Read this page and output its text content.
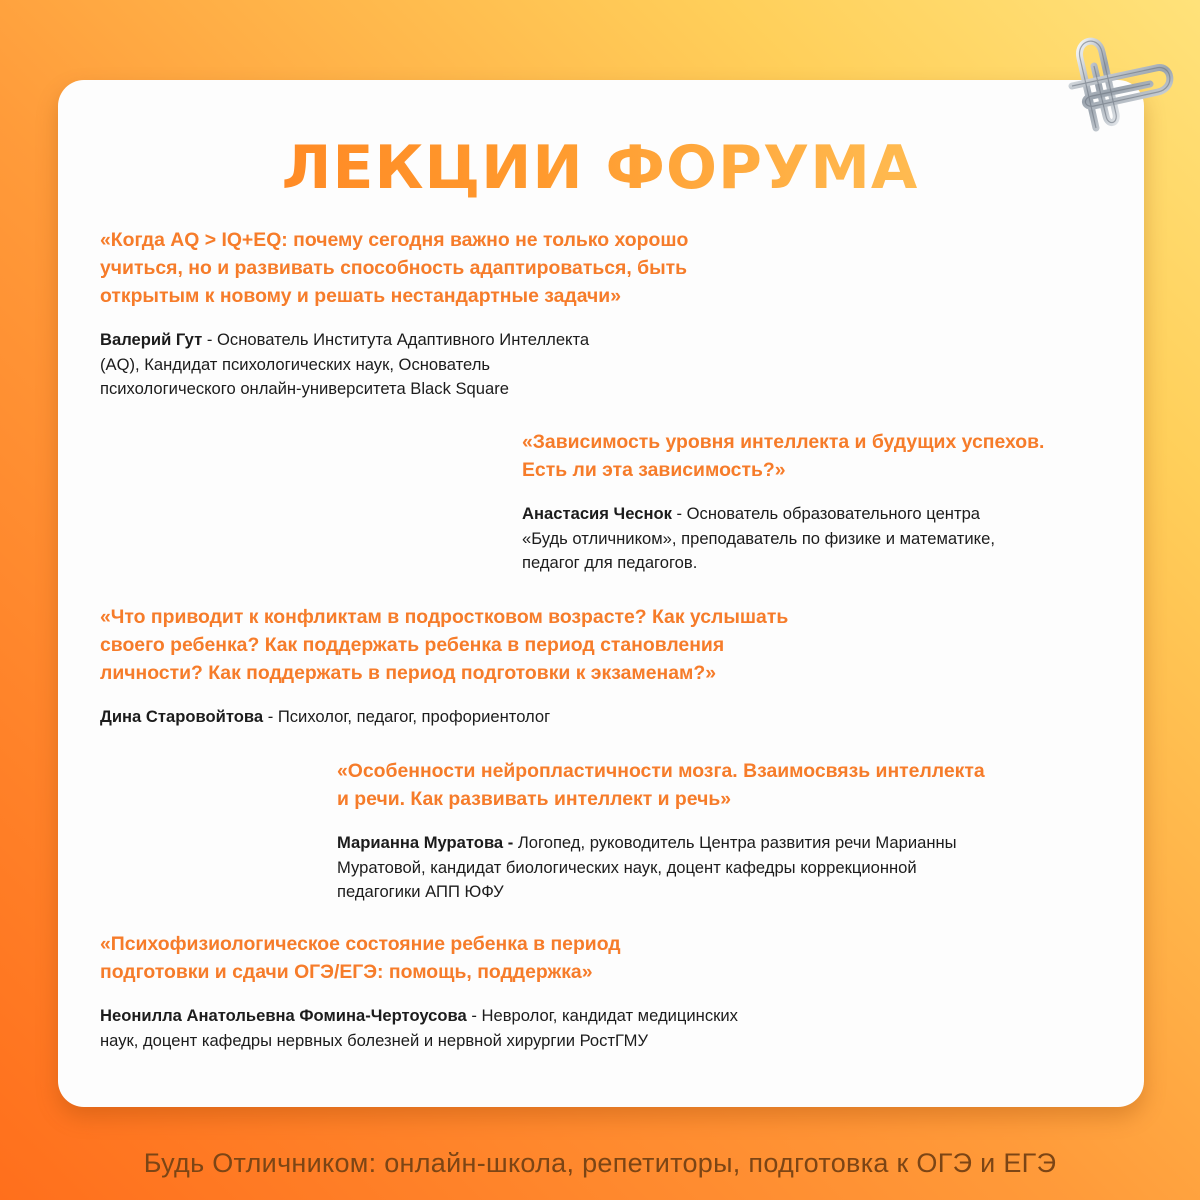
ЛЕКЦИИ ФОРУМА

«Когда AQ > IQ+EQ: почему сегодня важно не только хорошо
учиться, но и развивать способность адаптироваться, быть
открытым к новому и решать нестандартные задачи»

Валерий Гут - Основатель Института Адаптивного Интеллекта
(AQ), Кандидат психологических наук, Основатель
психологического онлайн-университета Black Square

«Зависимость уровня интеллекта и будущих успехов.
Есть ли эта зависимость?»

Анастасия Чеснок - Основатель образовательного центра
«Будь отличником», преподаватель по физике и математике,
педагог для педагогов.

«Что приводит к конфликтам в подростковом возрасте? Как услышать
своего ребенка? Как поддержать ребенка в период становления
личности? Как поддержать в период подготовки к экзаменам?»

Дина Старовойтова - Психолог, педагог, профориентолог

«Особенности нейропластичности мозга. Взаимосвязь интеллекта
и речи. Как развивать интеллект и речь»

Марианна Муратова - Логопед, руководитель Центра развития речи Марианны
Муратовой, кандидат биологических наук, доцент кафедры коррекционной
педагогики АПП ЮФУ

«Психофизиологическое состояние ребенка в период
подготовки и сдачи ОГЭ/ЕГЭ: помощь, поддержка»

Неонилла Анатольевна Фомина-Чертоусова - Невролог, кандидат медицинских
наук, доцент кафедры нервных болезней и нервной хирургии РостГМУ

Будь Отличником: онлайн-школа, репетиторы, подготовка к ОГЭ и ЕГЭ
